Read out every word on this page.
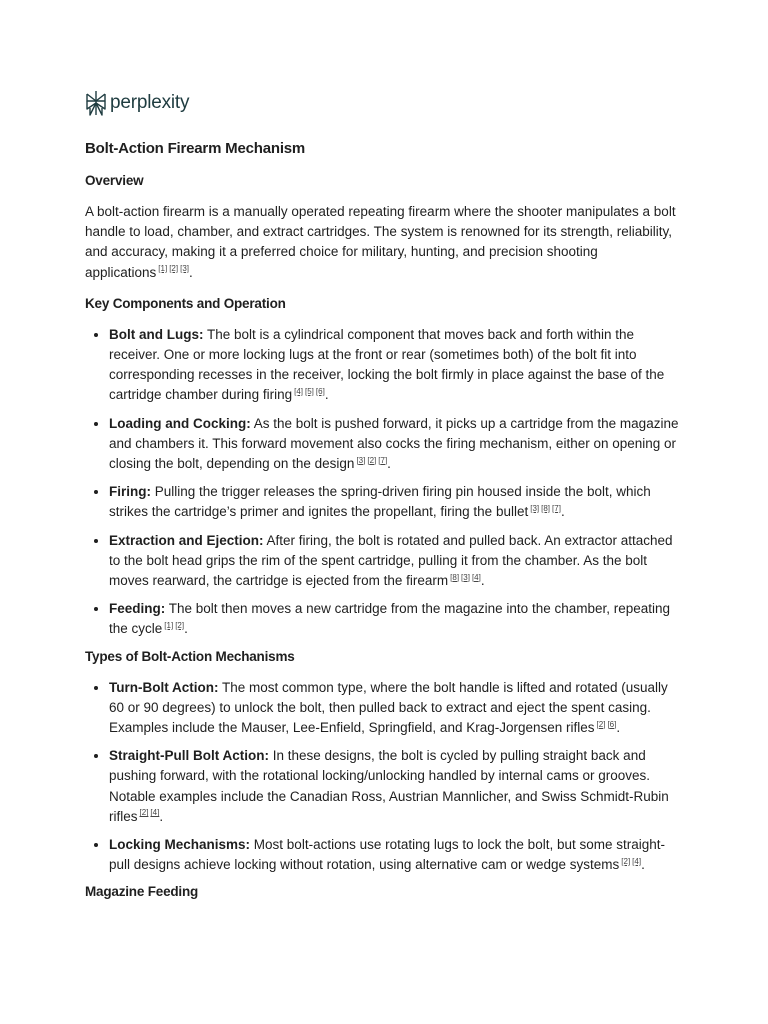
perplexity
Bolt-Action Firearm Mechanism
Overview

A bolt-action firearm is a manually operated repeating firearm where the shooter manipulates a bolt handle to load, chamber, and extract cartridges. The system is renowned for its strength, reliability, and accuracy, making it a preferred choice for military, hunting, and precision shooting applications [1] [2] [3].

Key Components and Operation
• Bolt and Lugs: The bolt is a cylindrical component that moves back and forth within the receiver. One or more locking lugs at the front or rear (sometimes both) of the bolt fit into corresponding recesses in the receiver, locking the bolt firmly in place against the base of the cartridge chamber during firing [4] [5] [6].
• Loading and Cocking: As the bolt is pushed forward, it picks up a cartridge from the magazine and chambers it. This forward movement also cocks the firing mechanism, either on opening or closing the bolt, depending on the design [3] [2] [7].
• Firing: Pulling the trigger releases the spring-driven firing pin housed inside the bolt, which strikes the cartridge’s primer and ignites the propellant, firing the bullet [3] [8] [7].
• Extraction and Ejection: After firing, the bolt is rotated and pulled back. An extractor attached to the bolt head grips the rim of the spent cartridge, pulling it from the chamber. As the bolt moves rearward, the cartridge is ejected from the firearm [8] [3] [4].
• Feeding: The bolt then moves a new cartridge from the magazine into the chamber, repeating the cycle [1] [2].
Types of Bolt-Action Mechanisms
• Turn-Bolt Action: The most common type, where the bolt handle is lifted and rotated (usually 60 or 90 degrees) to unlock the bolt, then pulled back to extract and eject the spent casing. Examples include the Mauser, Lee-Enfield, Springfield, and Krag-Jorgensen rifles [2] [6].
• Straight-Pull Bolt Action: In these designs, the bolt is cycled by pulling straight back and pushing forward, with the rotational locking/unlocking handled by internal cams or grooves. Notable examples include the Canadian Ross, Austrian Mannlicher, and Swiss Schmidt-Rubin rifles [2] [4].
• Locking Mechanisms: Most bolt-actions use rotating lugs to lock the bolt, but some straight-pull designs achieve locking without rotation, using alternative cam or wedge systems [2] [4].
Magazine Feeding
